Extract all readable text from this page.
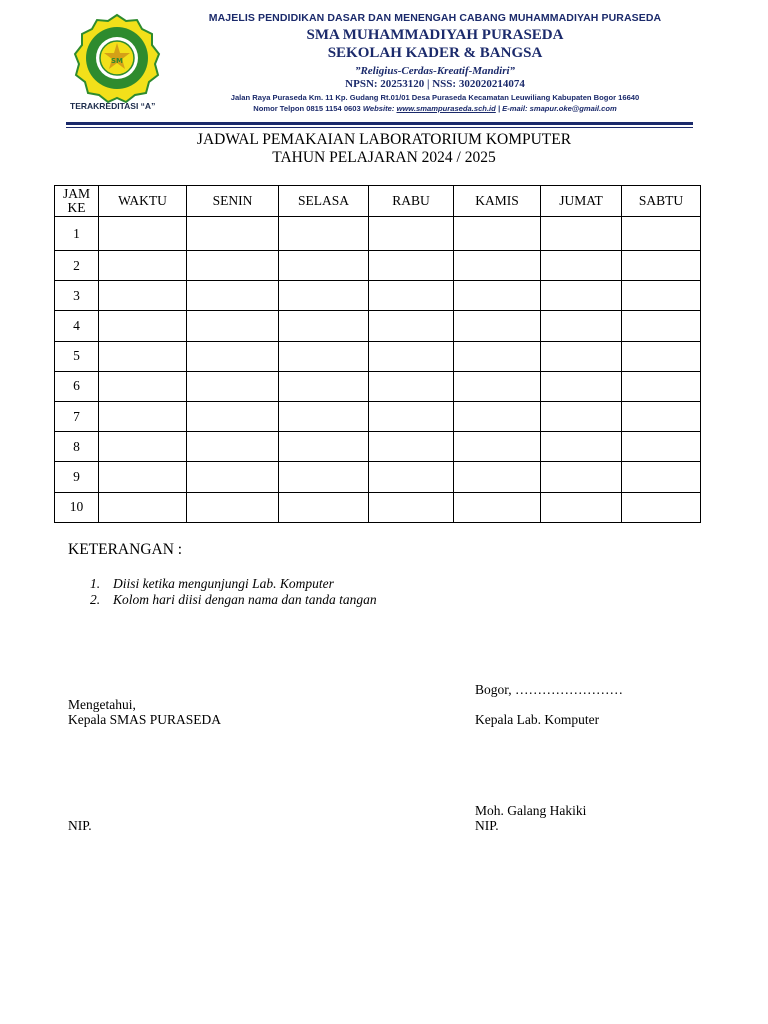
SM
TERAKREDITASI “A”
MAJELIS PENDIDIKAN DASAR DAN MENENGAH CABANG MUHAMMADIYAH PURASEDA
SMA MUHAMMADIYAH PURASEDA
SEKOLAH KADER & BANGSA
”Religius-Cerdas-Kreatif-Mandiri”
NPSN: 20253120 | NSS: 302020214074
Jalan Raya Puraseda Km. 11 Kp. Gudang Rt.01/01 Desa Puraseda Kecamatan Leuwiliang Kabupaten Bogor 16640
Nomor Telpon 0815 1154 0603 Website: www.smampuraseda.sch.id | E-mail: smapur.oke@gmail.com
JADWAL PEMAKAIAN LABORATORIUM KOMPUTER
TAHUN PELAJARAN 2024 / 2025
JAM KE	WAKTU	SENIN	SELASA	RABU	KAMIS	JUMAT	SABTU
1							
2							
3							
4							
5							
6							
7							
8							
9							
10							
KETERANGAN :
1. Diisi ketika mengunjungi Lab. Komputer
2. Kolom hari diisi dengan nama dan tanda tangan
Mengetahui,
Kepala SMAS PURASEDA
NIP.
Bogor, ……………………
Kepala Lab. Komputer
Moh. Galang Hakiki
NIP.
